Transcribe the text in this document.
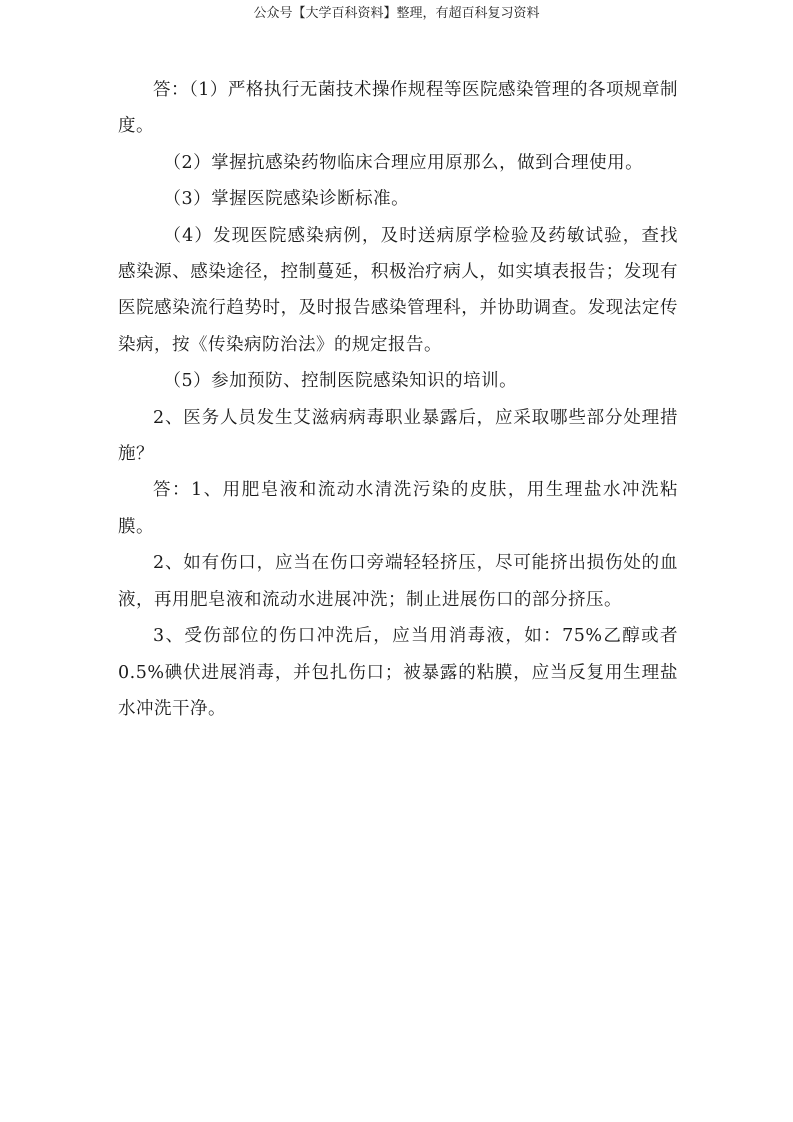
公众号【大学百科资料】整理，有超百科复习资料

答：（1）严格执行无菌技术操作规程等医院感染管理的各项规章制度。

（2）掌握抗感染药物临床合理应用原那么，做到合理使用。

（3）掌握医院感染诊断标准。

（4）发现医院感染病例，及时送病原学检验及药敏试验，查找感染源、感染途径，控制蔓延，积极治疗病人，如实填表报告；发现有医院感染流行趋势时，及时报告感染管理科，并协助调查。发现法定传染病，按《传染病防治法》的规定报告。

（5）参加预防、控制医院感染知识的培训。

2、医务人员发生艾滋病病毒职业暴露后，应采取哪些部分处理措施？

答：1、用肥皂液和流动水清洗污染的皮肤，用生理盐水冲洗粘膜。

2、如有伤口，应当在伤口旁端轻轻挤压，尽可能挤出损伤处的血液，再用肥皂液和流动水进展冲洗；制止进展伤口的部分挤压。

3、受伤部位的伤口冲洗后，应当用消毒液，如：75%乙醇或者0.5%碘伏进展消毒，并包扎伤口；被暴露的粘膜，应当反复用生理盐水冲洗干净。
